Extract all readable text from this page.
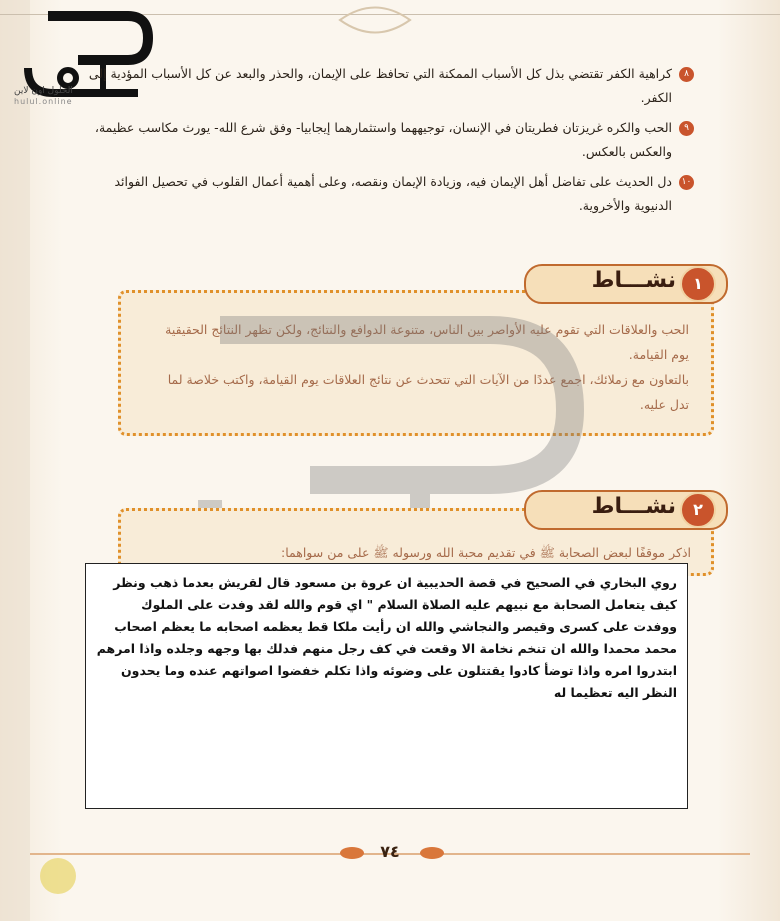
الحلول اون لاين
hulul.online
٨
كراهية الكفر تقتضي بذل كل الأسباب الممكنة التي تحافظ على الإيمان، والحذر والبعد عن كل الأسباب المؤدية إلى الكفر.
٩
الحب والكره غريزتان فطريتان في الإنسان، توجيههما واستثمارهما إيجابيا- وفق شرع الله- يورث مكاسب عظيمة، والعكس بالعكس.
١٠
دل الحديث على تفاضل أهل الإيمان فيه، وزيادة الإيمان ونقصه، وعلى أهمية أعمال القلوب في تحصيل الفوائد الدنيوية والأخروية.
الحب والعلاقات التي تقوم عليه الأواصر بين الناس، متنوعة الدوافع والنتائج، ولكن تظهر النتائج الحقيقية يوم القيامة.
بالتعاون مع زملائك، اجمع عددًا من الآيات التي تتحدث عن نتائج العلاقات يوم القيامة، واكتب خلاصة لما تدل عليه.
نشـــاط	١
اذكر موقفًا لبعض الصحابة ﷺ في تقديم محبة الله ورسوله ﷺ على من سواهما:
نشـــاط	٢
روي البخاري في الصحيح في قصة الحديبية ان عروة بن مسعود قال لقريش بعدما ذهب ونظر كيف يتعامل الصحابة مع نبيهم عليه الصلاة السلام " اي قوم والله لقد وفدت على الملوك ووفدت على كسرى وقيصر والنجاشي والله ان رأيت ملكا قط يعظمه اصحابه ما يعظم اصحاب محمد محمدا والله ان تنخم نخامة الا وقعت في كف رجل منهم فدلك بها وجهه وجلده واذا امرهم ابتدروا امره واذا توضأ كادوا يقتتلون على وضوئه واذا تكلم خفضوا اصواتهم عنده وما يحدون النظر اليه تعظيما له
٧٤
